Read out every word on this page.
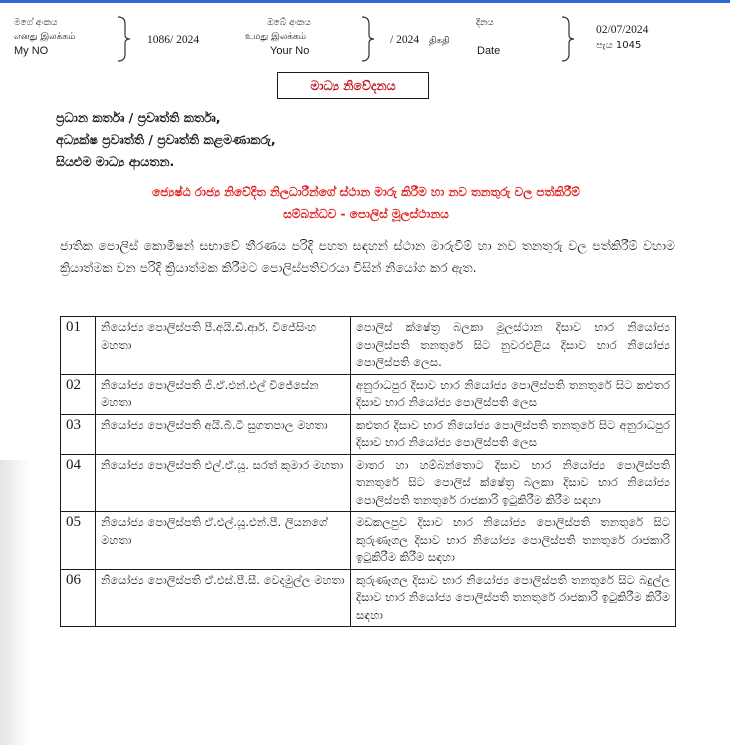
මගේ අංකය
எனது இலக்கம்
My NO
1086/ 2024
ඔබේ අංකය
உமது இலக்கம்
Your No
/ 2024 திகதி
දිනය
Date
02/07/2024
පැය 1045
මාධ්‍ය නිවේදනය
ප්‍රධාන කර්තෘ / ප්‍රවෘත්ති කර්තෘ,
අධ්‍යක්ෂ ප්‍රවෘත්ති / ප්‍රවෘත්ති කළමණාකරු,
සියළුම මාධ්‍ය ආයතන.
ජ්‍යෙෂ්ඨ රාජ්‍ය නිවේදිත නිලධාරීන්ගේ ස්ථාන මාරු කිරීම හා නව තනතුරු වල පත්කිරීම්
සම්බන්ධව - පොලිස් මූලස්ථානය
ජාතික පොලිස් කොමිෂන් සභාවේ තීරණය පරිදි පහත සඳහන් ස්ථාන මාරුවීම් හා නව තනතුරු වල පත්කිරීම් වහාම ක්‍රියාත්මක වන පරිදි ක්‍රියාත්මක කිරීමට පොලිස්පතිවරයා විසින් නියෝග කර ඇත.
01	නියෝජ්‍ය පොලිස්පති පී.අයි.ඩී.ආර්. විජේසිංහ මහතා	පොලිස් ක්ෂේත්‍ර බලකා මූලස්ථාන දිසාව භාර නියෝජ්‍ය පොලිස්පති තනතුරේ සිට නුවරඑළිය දිසාව භාර නියෝජ්‍ය පොලිස්පති ලෙස.
02	නියෝජ්‍ය පොලිස්පති ජී.ඒ.එන්.එල් විජේසේන මහතා	අනුරාධපුර දිසාව භාර නියෝජ්‍ය පොලිස්පති තනතුරේ සිට කළුතර දිසාව භාර නියෝජ්‍ය පොලිස්පති ලෙස
03	නියෝජ්‍ය පොලිස්පති අයි.බී.ටී සුගතපාල මහතා	කළුතර දිසාව භාර නියෝජ්‍ය පොලිස්පති තනතුරේ සිට අනුරාධපුර දිසාව භාර නියෝජ්‍ය පොලිස්පති ලෙස
04	නියෝජ්‍ය පොලිස්පති එල්.ඒ.යූ. සරත් කුමාර මහතා	මාතර හා හම්බන්තොට දිසාව භාර නියෝජ්‍ය පොලිස්පති තනතුරේ සිට පොලිස් ක්ෂේත්‍ර බලකා දිසාව භාර නියෝජ්‍ය පොලිස්පති තනතුරේ රාජකාරි ඉටුකිරීම කිරීම සඳහා
05	නියෝජ්‍ය පොලිස්පති ඒ.එල්.යූ.එන්.පී. ලියනගේ මහතා	මඩකලපුව දිසාව භාර නියෝජ්‍ය පොලිස්පති තනතුරේ සිට කුරුණෑගල දිසාව භාර නියෝජ්‍ය පොලිස්පති තනතුරේ රාජකාරි ඉටුකිරීම කිරීම සඳහා
06	නියෝජ්‍ය පොලිස්පති ඒ.එස්.පී.සී. වෙදමුල්ල මහතා	කුරුණෑගල දිසාව භාර නියෝජ්‍ය පොලිස්පති තනතුරේ සිට බදුල්ල දිසාව භාර නියෝජ්‍ය පොලිස්පති තනතුරේ රාජකාරි ඉටුකිරීම කිරීම සඳහා
